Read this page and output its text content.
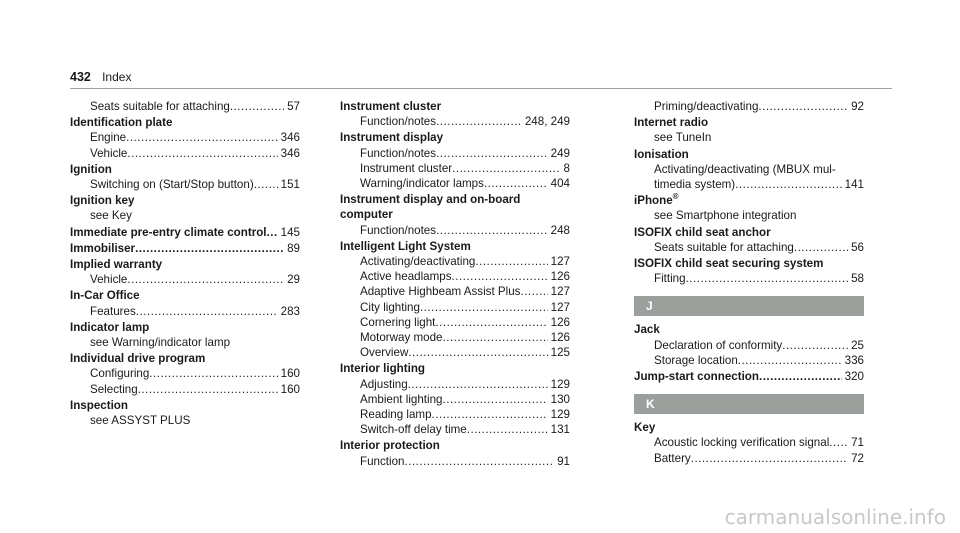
432 Index
Seats suitable for attaching .....	57
Identification plate
Engine .....	346
Vehicle .....	346
Ignition
Switching on (Start/Stop button) ..... 151
Ignition key
see Key
Immediate pre-entry climate control ..... 145
Immobiliser .....	89
Implied warranty
Vehicle .....	29
In-Car Office
Features .....	283
Indicator lamp
see Warning/indicator lamp
Individual drive program
Configuring .....	160
Selecting .....	160
Inspection
see ASSYST PLUS
Instrument cluster
Function/notes .....	248, 249
Instrument display
Function/notes .....	249
Instrument cluster .....	8
Warning/indicator lamps .....	404
Instrument display and on-board computer
Function/notes .....	248
Intelligent Light System
Activating/deactivating .....	127
Active headlamps .....	126
Adaptive Highbeam Assist Plus .....	127
City lighting .....	127
Cornering light .....	126
Motorway mode .....	126
Overview .....	125
Interior lighting
Adjusting .....	129
Ambient lighting .....	130
Reading lamp .....	129
Switch-off delay time .....	131
Interior protection
Function .....	91
Priming/deactivating .....	92
Internet radio
see TuneIn
Ionisation
Activating/deactivating (MBUX mul-
timedia system) .....	141
iPhone®
see Smartphone integration
ISOFIX child seat anchor
Seats suitable for attaching .....	56
ISOFIX child seat securing system
Fitting .....	58
J
Jack
Declaration of conformity .....	25
Storage location .....	336
Jump-start connection .....	320
K
Key
Acoustic locking verification signal ..... 71
Battery .....	72
carmanualsonline.info
